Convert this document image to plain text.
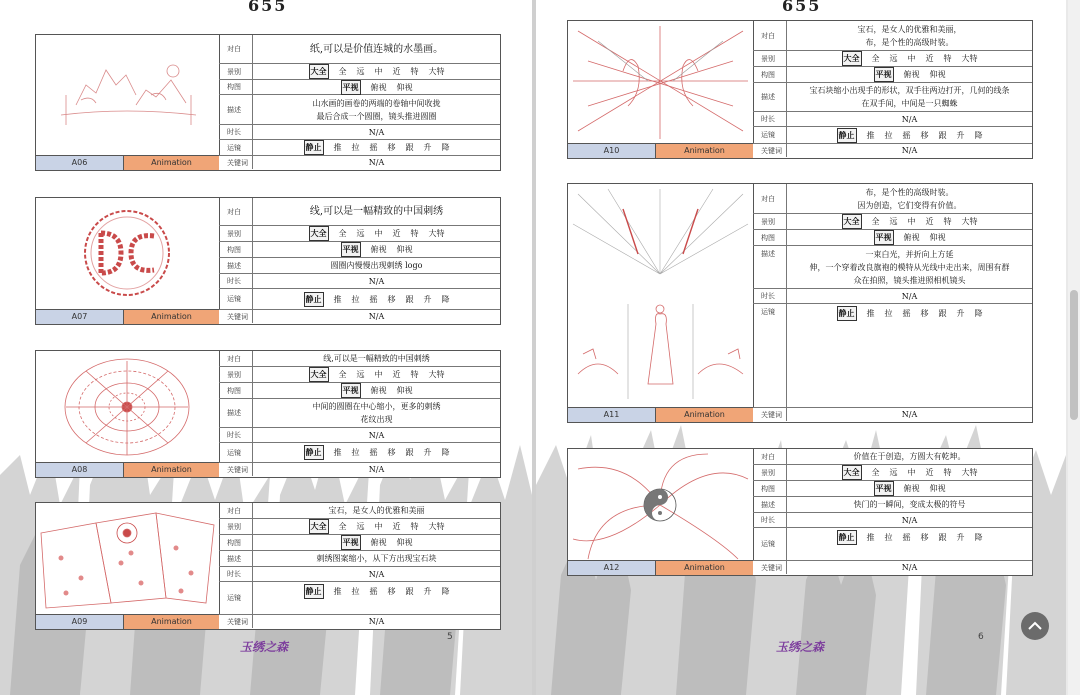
655
A06	Animation
对白	纸,可以是价值连城的水墨画。
景别	大全 全 远 中 近 特 大特
构图	平视 俯视 仰视
描述
山水画的画卷的两端的卷轴中间收拢
最后合成一个圆圈，镜头推进圆圈
时长	N/A
运镜	静止 推 拉 摇 移 跟 升 降
关键词	N/A
A07	Animation
对白	线,可以是一幅精致的中国刺绣
景别	大全 全 远 中 近 特 大特
构图	平视 俯视 仰视
描述	圆圈内慢慢出现刺绣 logo
时长	N/A
运镜	静止 推 拉 摇 移 跟 升 降
关键词	N/A
A08	Animation
对白	线,可以是一幅精致的中国刺绣
景别	大全 全 远 中 近 特 大特
构图	平视 俯视 仰视
描述
中间的圆圈在中心缩小，更多的刺绣
花纹出现
时长	N/A
运镜	静止 推 拉 摇 移 跟 升 降
关键词	N/A
A09	Animation
对白	宝石，是女人的优雅和美丽
景别	大全 全 远 中 近 特 大特
构图	平视 俯视 仰视
描述	刺绣图案缩小，从下方出现宝石块
时长	N/A
运镜
静止 推 拉 摇 移 跟 升 降
关键词	N/A
5
玉绣之森
655
A10	Animation
对白
宝石，是女人的优雅和美丽，
布，是个性的高级时装。
景别	大全 全 远 中 近 特 大特
构图	平视 俯视 仰视
描述
宝石块缩小出现手的形状，双手往两边打开，几何的线条
在双手间，中间是一只蜘蛛
时长	N/A
运镜	静止 推 拉 摇 移 跟 升 降
关键词	N/A
A11	Animation
对白
布，是个性的高级时装。
因为创造，它们变得有价值。
景别	大全 全 远 中 近 特 大特
构图	平视 俯视 仰视
描述	一束白光，并折向上方延
伸，一个穿着改良旗袍的模特从光线中走出来，周围有群
众在拍照，镜头推进照相机镜头
时长	N/A
运镜	静止 推 拉 摇 移 跟 升 降
关键词	N/A
A12	Animation
对白	价值在于创造，方圆大有乾坤。
景别	大全 全 远 中 近 特 大特
构图	平视 俯视 仰视
描述	快门的一瞬间，变成太极的符号
时长	N/A
运镜
静止 推 拉 摇 移 跟 升 降
关键词	N/A
6
玉绣之森
